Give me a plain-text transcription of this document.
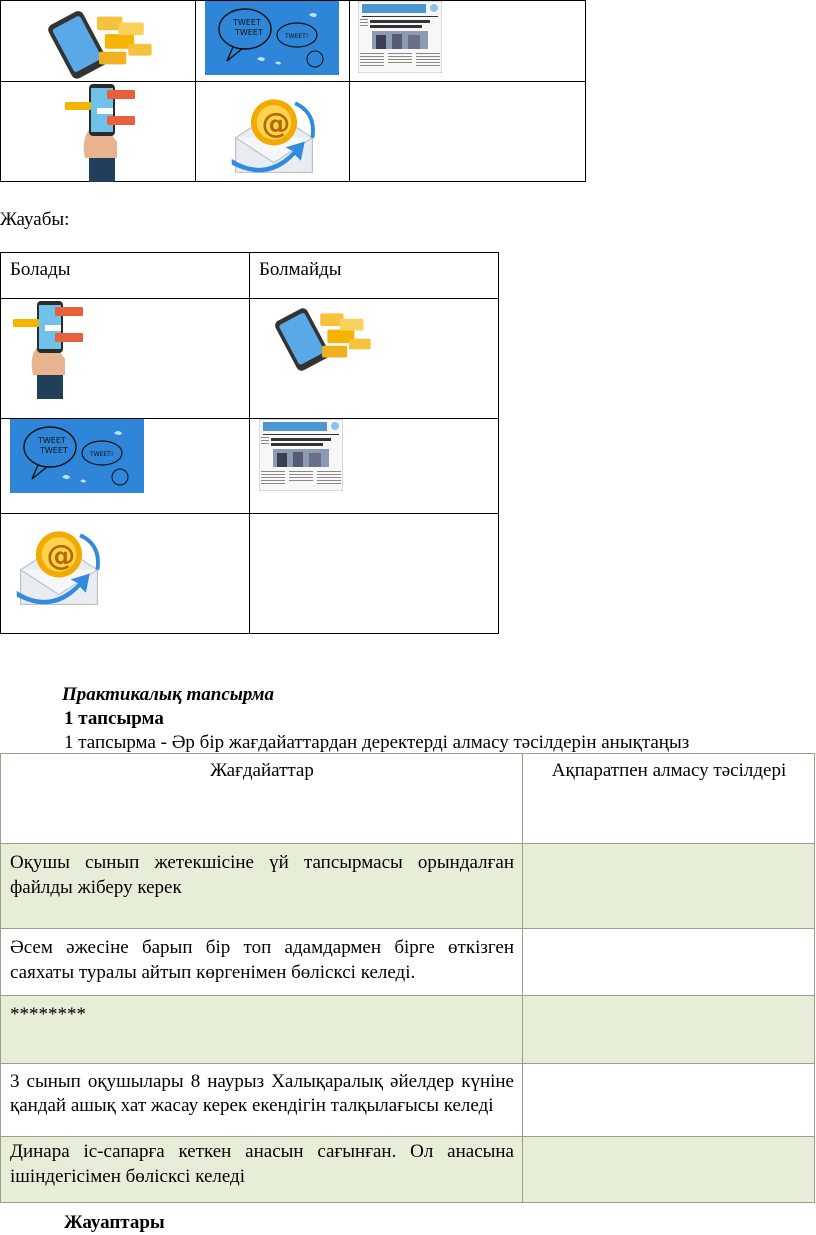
Жауабы:
Болады	Болмайды

Практикалық тапсырма
1 тапсырма
1 тапсырма - Әр бір жағдайаттардан деректерді алмасу тәсілдерін анықтаңыз
Жағдайаттар	Ақпаратпен алмасу тәсілдері

Оқушы сынып жетекшісіне үй тапсырмасы орындалған файлды жіберу керек	

Әсем әжесіне барып бір топ адамдармен бірге өткізген саяхаты туралы айтып көргенімен бөлісксі келеді.	

********	

3 сынып оқушылары 8 наурыз Халықаралық әйелдер күніне қандай ашық хат жасау керек екендігін талқылағысы келеді	

Динара іс-сапарға кеткен анасын сағынған. Ол анасына ішіндегісімен бөлісксі келеді	

Жауаптары
